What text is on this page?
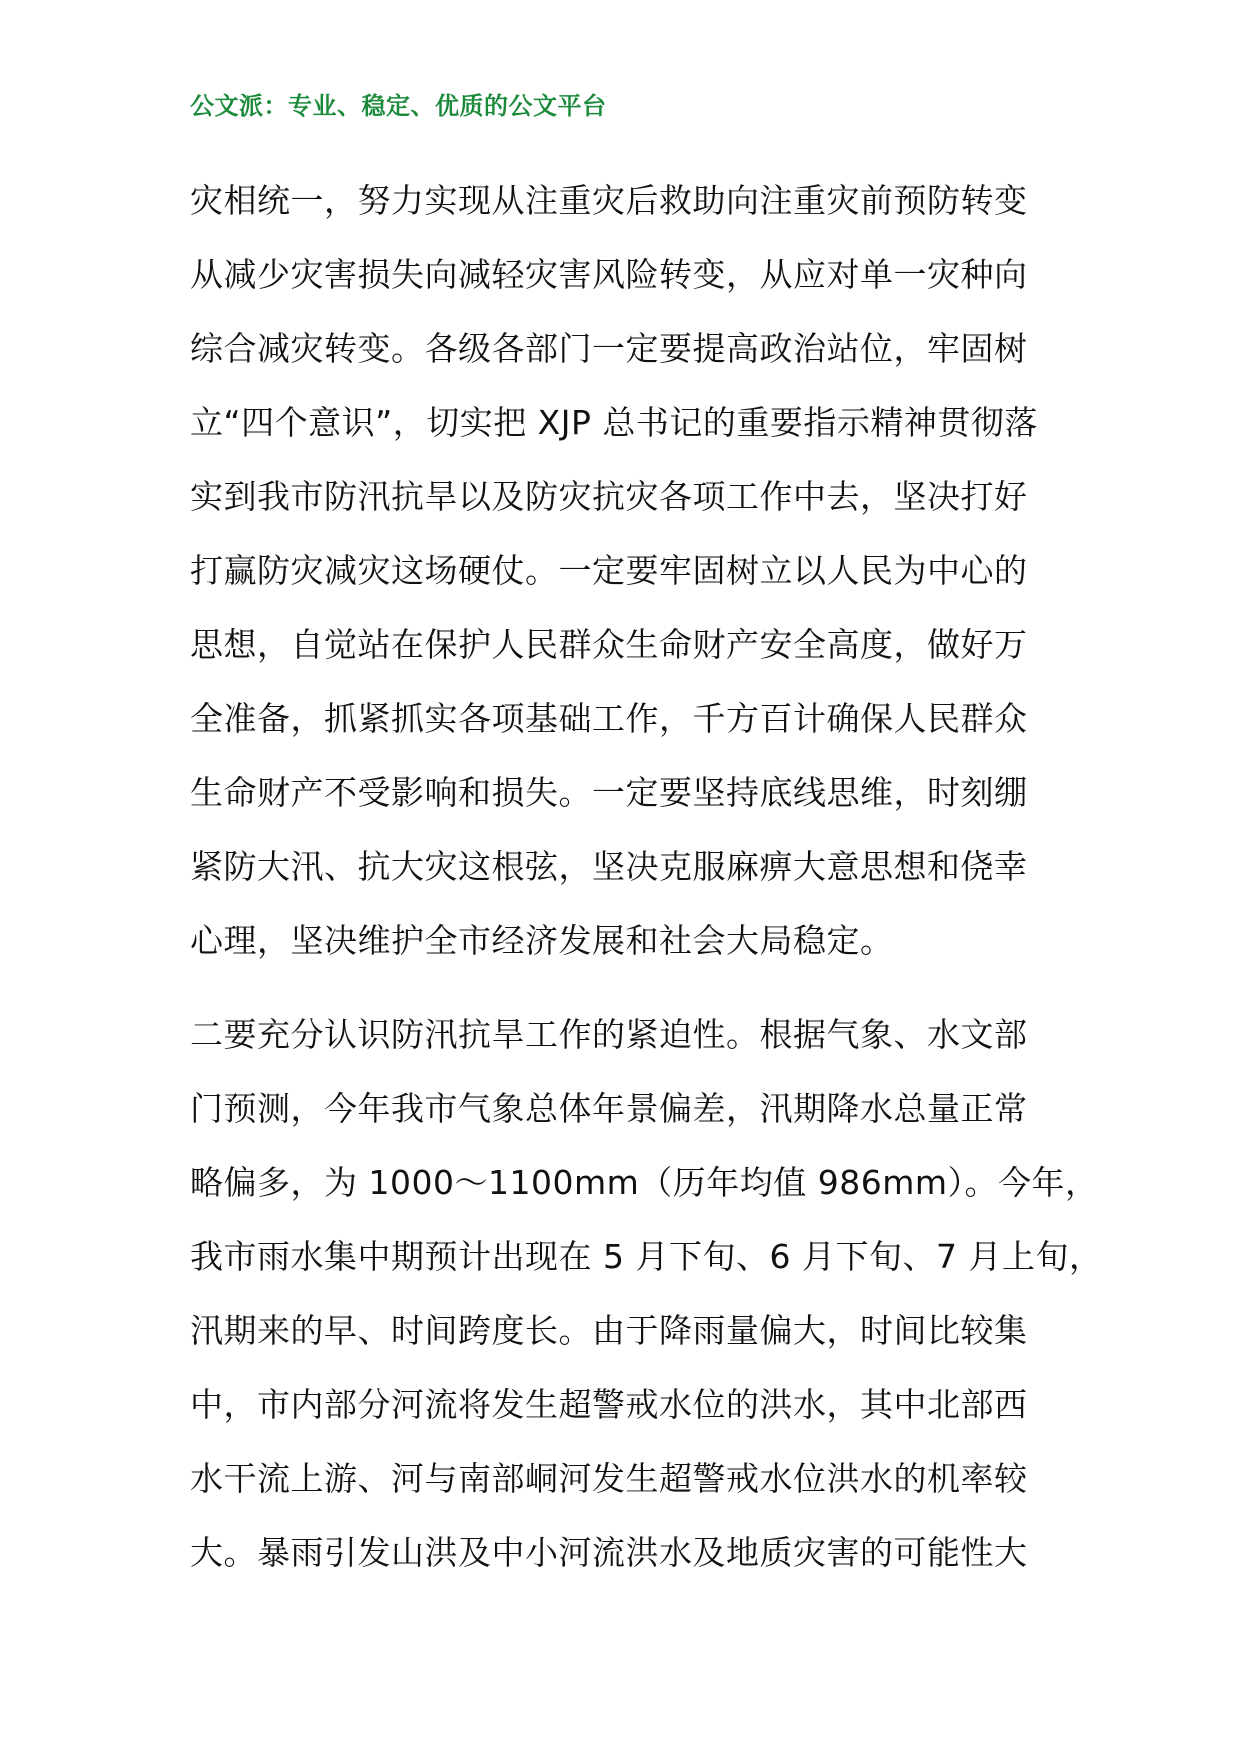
公文派：专业、稳定、优质的公文平台
灾相统一，努力实现从注重灾后救助向注重灾前预防转变
从减少灾害损失向减轻灾害风险转变，从应对单一灾种向
综合减灾转变。各级各部门一定要提高政治站位，牢固树
立“四个意识”，切实把 XJP 总书记的重要指示精神贯彻落
实到我市防汛抗旱以及防灾抗灾各项工作中去，坚决打好
打赢防灾减灾这场硬仗。一定要牢固树立以人民为中心的
思想，自觉站在保护人民群众生命财产安全高度，做好万
全准备，抓紧抓实各项基础工作，千方百计确保人民群众
生命财产不受影响和损失。一定要坚持底线思维，时刻绷
紧防大汛、抗大灾这根弦，坚决克服麻痹大意思想和侥幸
心理，坚决维护全市经济发展和社会大局稳定。
二要充分认识防汛抗旱工作的紧迫性。根据气象、水文部
门预测，今年我市气象总体年景偏差，汛期降水总量正常
略偏多，为 1000～1100mm（历年均值 986mm）。今年，
我市雨水集中期预计出现在 5 月下旬、6 月下旬、7 月上旬，
汛期来的早、时间跨度长。由于降雨量偏大，时间比较集
中，市内部分河流将发生超警戒水位的洪水，其中北部西
水干流上游、河与南部峒河发生超警戒水位洪水的机率较
大。暴雨引发山洪及中小河流洪水及地质灾害的可能性大
